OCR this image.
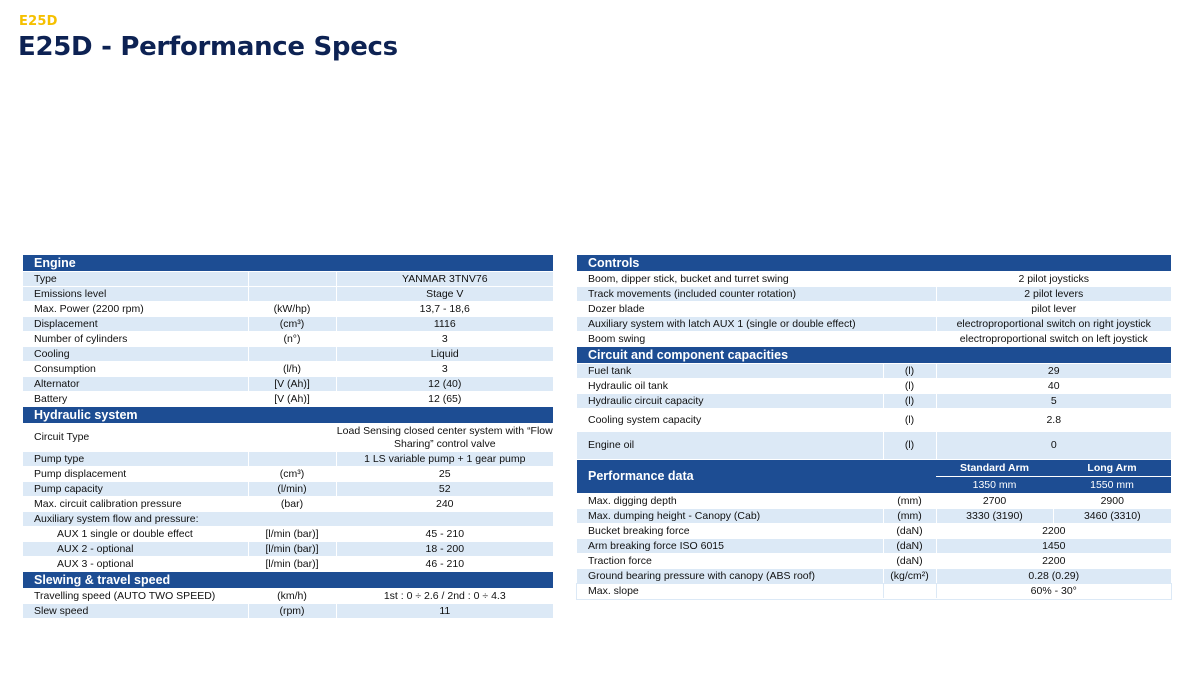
E25D
E25D - Performance Specs
Engine		
Type		YANMAR 3TNV76
Emissions level		Stage V
Max. Power (2200 rpm)	(kW/hp)	13,7 - 18,6
Displacement	(cm³)	1116
Number of cylinders	(n°)	3
Cooling		Liquid
Consumption	(l/h)	3
Alternator	[V (Ah)]	12 (40)
Battery	[V (Ah)]	12 (65)
Hydraulic system		
Circuit Type		Load Sensing closed center system with “Flow Sharing” control valve
Pump type		1 LS variable pump + 1 gear pump
Pump displacement	(cm³)	25
Pump capacity	(l/min)	52
Max. circuit calibration pressure	(bar)	240
Auxiliary system flow and pressure:		
AUX 1 single or double effect	[l/min (bar)]	45 - 210
AUX 2 - optional	[l/min (bar)]	18 - 200
AUX 3 - optional	[l/min (bar)]	46 - 210
Slewing & travel speed		
Travelling speed (AUTO TWO SPEED)	(km/h)	1st : 0 ÷ 2.6 / 2nd : 0 ÷ 4.3
Slew speed	(rpm)	11
Controls			
Boom, dipper stick, bucket and turret swing		2 pilot joysticks	
Track movements (included counter rotation)		2 pilot levers	
Dozer blade		pilot lever	
Auxiliary system with latch AUX 1 (single or double effect)		electroproportional switch on right joystick	
Boom swing		electroproportional switch on left joystick	
Circuit and component capacities			
Fuel tank	(l)	29	
Hydraulic oil tank	(l)	40	
Hydraulic circuit capacity	(l)	5	
Cooling system capacity	(l)	2.8	
Engine oil	(l)	0	
Performance data		Standard Arm	Long Arm
		1350 mm	1550 mm
Max. digging depth	(mm)	2700	2900
Max. dumping height - Canopy (Cab)	(mm)	3330 (3190)	3460 (3310)
Bucket breaking force	(daN)	2200	
Arm breaking force ISO 6015	(daN)	1450	
Traction force	(daN)	2200	
Ground bearing pressure with canopy (ABS roof)	(kg/cm²)	0.28 (0.29)	
Max. slope		60% - 30°	
